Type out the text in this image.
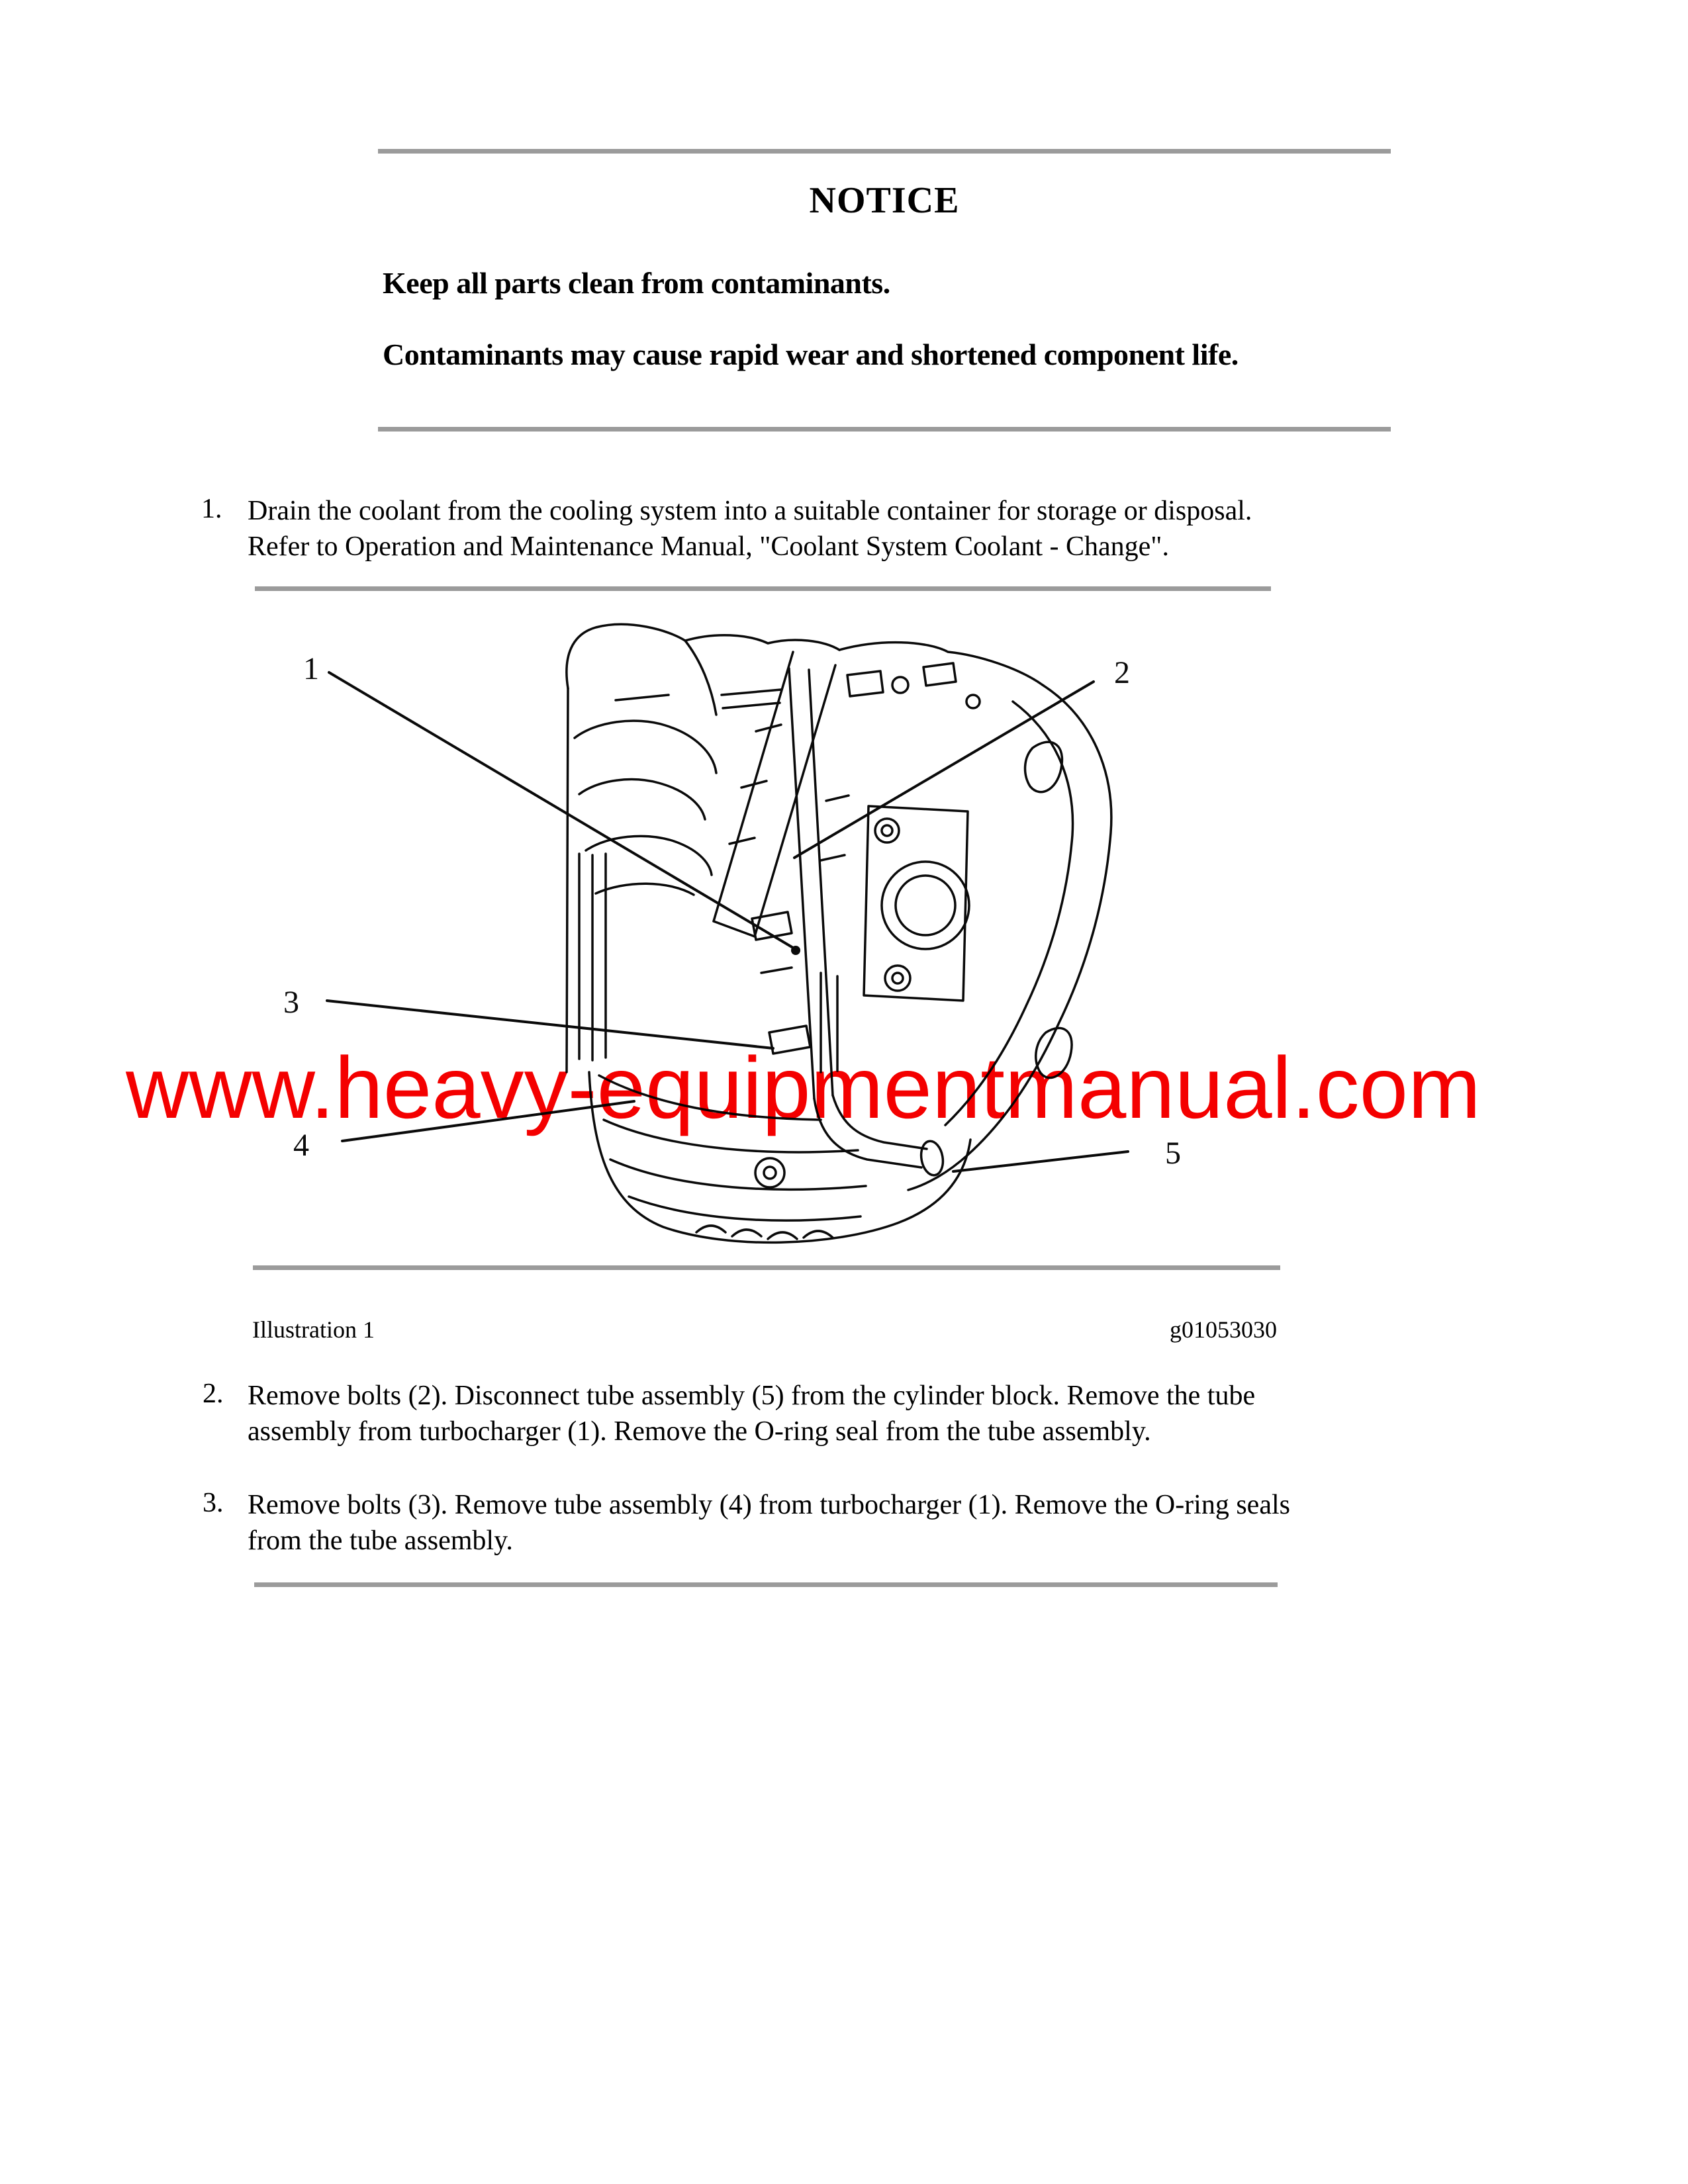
NOTICE
Keep all parts clean from contaminants.
Contaminants may cause rapid wear and shortened component life.
1. Drain the coolant from the cooling system into a suitable container for storage or disposal.
Refer to Operation and Maintenance Manual, "Coolant System Coolant - Change".
1	2
3
4	5
Illustration 1	g01053030
www.heavy-equipmentmanual.com
2. Remove bolts (2). Disconnect tube assembly (5) from the cylinder block. Remove the tube
assembly from turbocharger (1). Remove the O-ring seal from the tube assembly.
3. Remove bolts (3). Remove tube assembly (4) from turbocharger (1). Remove the O-ring seals
from the tube assembly.
